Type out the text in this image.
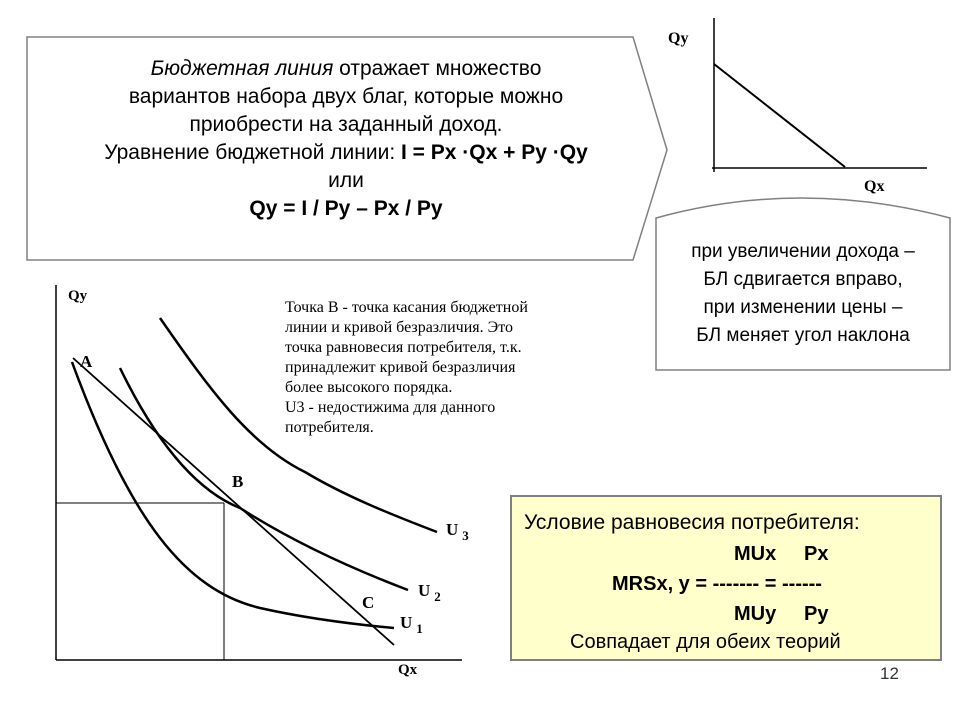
Бюджетная линия отражает множество
вариантов набора двух благ, которые можно
приобрести на заданный доход.
Уравнение бюджетной линии: I = Px ·Qx + Py ·Qy
или
Qy = I / Py – Px / Py
Qy
Qx
при увеличении дохода –
БЛ сдвигается вправо,
при изменении цены –
БЛ меняет угол наклона
Qy
Qx
A
B
C
U $_3$
U $_2$
U $_1$
Точка B - точка касания бюджетной
линии и кривой безразличия. Это
точка равновесия потребителя, т.к.
принадлежит кривой безразличия
более высокого порядка.
U3 - недостижима для данного
потребителя.
Условие равновесия потребителя:
MUx     Px
MRSx, y = ------- = ------
MUy     Py
Совпадает для обеих теорий
12
